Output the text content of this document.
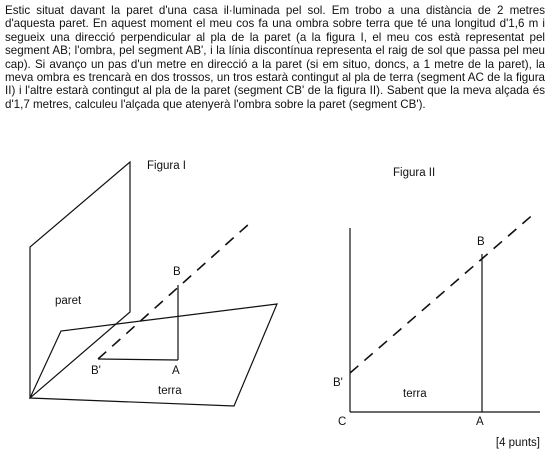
Estic situat davant la paret d'una casa il·luminada pel sol. Em trobo a una distància de 2 metres d'aquesta paret. En aquest moment el meu cos fa una ombra sobre terra que té una longitud d'1,6 m i segueix una direcció perpendicular al pla de la paret (a la figura I, el meu cos està representat pel segment AB; l'ombra, pel segment AB', i la línia discontínua representa el raig de sol que passa pel meu cap). Si avanço un pas d'un metre en direcció a la paret (si em situo, doncs, a 1 metre de la paret), la meva ombra es trencarà en dos trossos, un tros estarà contingut al pla de terra (segment AC de la figura II) i l'altre estarà contingut al pla de la paret (segment CB' de la figura II). Sabent que la meva alçada és d'1,7 metres, calculeu l'alçada que atenyerà l'ombra sobre la paret (segment CB').

Figura I
paret
terra
B
A
B'
Figura II
B
B'
terra
C	A
[4 punts]
